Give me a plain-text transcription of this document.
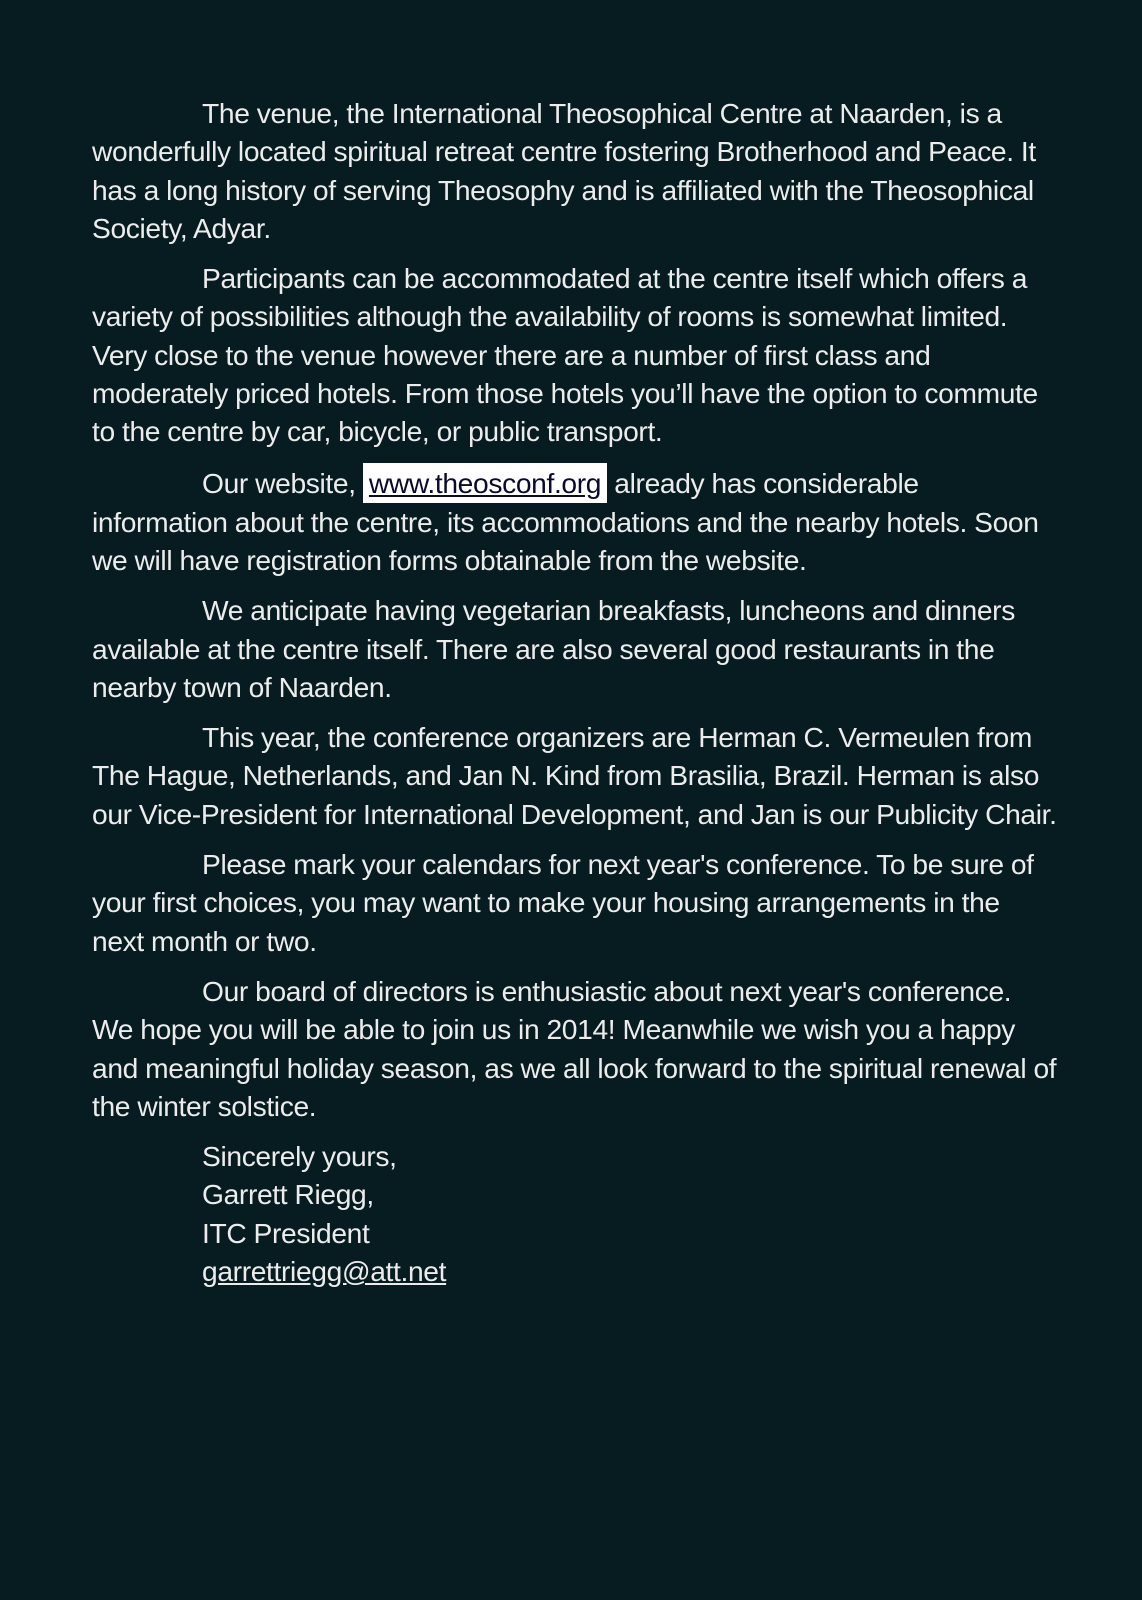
The venue, the International Theosophical Centre at Naarden, is a wonderfully located spiritual retreat centre fostering Brotherhood and Peace. It has a long history of serving Theosophy and is affiliated with the Theosophical Society, Adyar.

Participants can be accommodated at the centre itself which offers a variety of possibilities although the availability of rooms is somewhat limited. Very close to the venue however there are a number of first class and moderately priced hotels. From those hotels you’ll have the option to commute to the centre by car, bicycle, or public transport.

Our website, www.theosconf.org already has considerable information about the centre, its accommodations and the nearby hotels. Soon we will have registration forms obtainable from the website.

We anticipate having vegetarian breakfasts, luncheons and dinners available at the centre itself. There are also several good restaurants in the nearby town of Naarden.

This year, the conference organizers are Herman C. Vermeulen from The Hague, Netherlands, and Jan N. Kind from Brasilia, Brazil. Herman is also our Vice-President for International Development, and Jan is our Publicity Chair.

Please mark your calendars for next year's conference. To be sure of your first choices, you may want to make your housing arrangements in the next month or two.

Our board of directors is enthusiastic about next year's conference. We hope you will be able to join us in 2014! Meanwhile we wish you a happy and meaningful holiday season, as we all look forward to the spiritual renewal of the winter solstice.

Sincerely yours,
Garrett Riegg,
ITC President
garrettriegg@att.net
